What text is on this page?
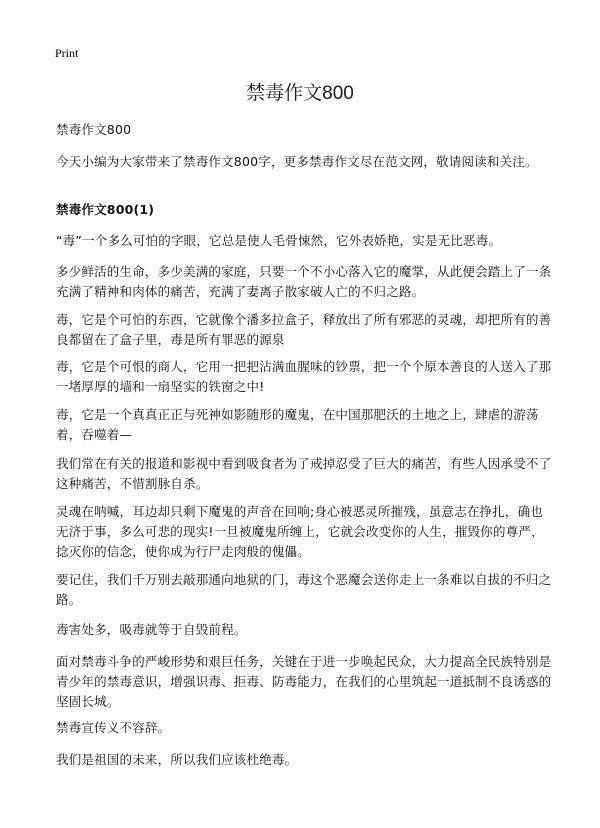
Print
禁毒作文800

禁毒作文800

今天小编为大家带来了禁毒作文800字，更多禁毒作文尽在范文网，敬请阅读和关注。

禁毒作文800(1)

“毒”一个多么可怕的字眼，它总是使人毛骨悚然，它外表娇艳，实是无比恶毒。

多少鲜活的生命，多少美满的家庭，只要一个不小心落入它的魔掌，从此便会踏上了一条充满了精神和肉体的痛苦，充满了妻离子散家破人亡的不归之路。

毒，它是个可怕的东西，它就像个潘多拉盒子，释放出了所有邪恶的灵魂，却把所有的善良都留在了盒子里，毒是所有罪恶的源泉

毒，它是个可恨的商人，它用一把把沾满血腥味的钞票，把一个个原本善良的人送入了那一堵厚厚的墙和一扇坚实的铁窗之中!

毒，它是一个真真正正与死神如影随形的魔鬼，在中国那肥沃的土地之上，肆虐的游荡着，吞噬着—

我们常在有关的报道和影视中看到吸食者为了戒掉忍受了巨大的痛苦，有些人因承受不了这种痛苦，不惜割脉自杀。

灵魂在呐喊，耳边却只剩下魔鬼的声音在回响;身心被恶灵所摧残，虽意志在挣扎，确也无济于事，多么可悲的现实!一旦被魔鬼所缠上，它就会改变你的人生，摧毁你的尊严，捻灭你的信念，使你成为行尸走肉般的傀儡。

要记住，我们千万别去敲那通向地狱的门，毒这个恶魔会送你走上一条难以自拔的不归之路。

毒害处多，吸毒就等于自毁前程。

面对禁毒斗争的严峻形势和艰巨任务，关键在于进一步唤起民众，大力提高全民族特别是青少年的禁毒意识，增强识毒、拒毒、防毒能力，在我们的心里筑起一道抵制不良诱惑的坚固长城。

禁毒宣传义不容辞。

我们是祖国的未来，所以我们应该杜绝毒。
